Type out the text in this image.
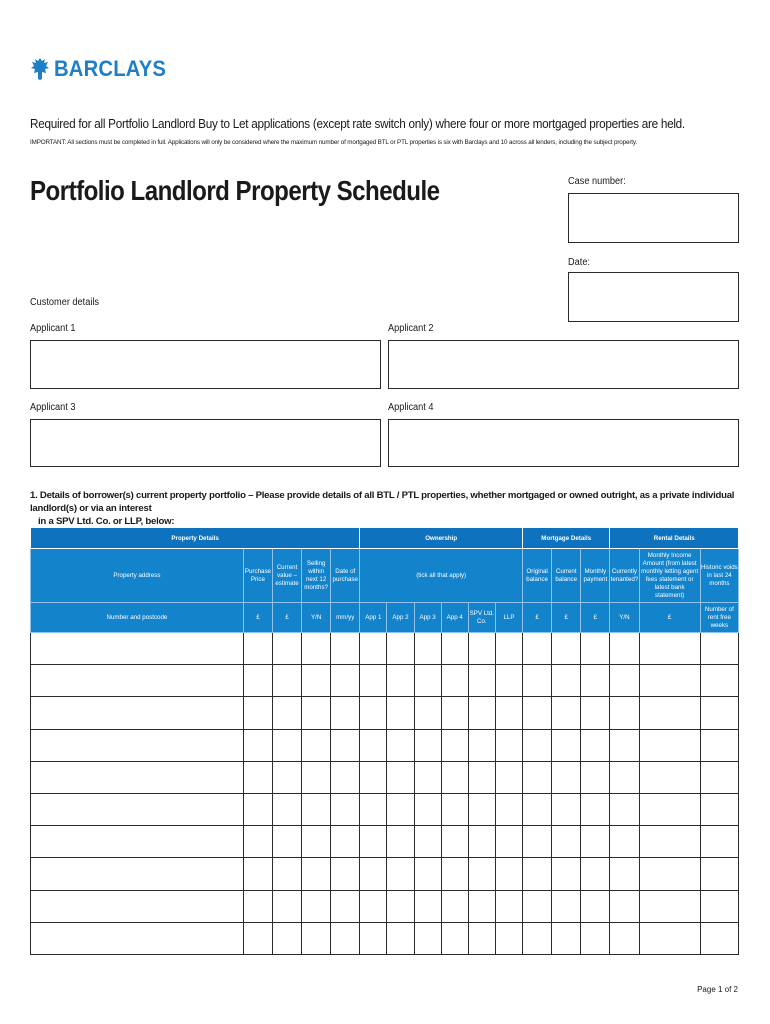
BARCLAYS
Required for all Portfolio Landlord Buy to Let applications (except rate switch only) where four or more mortgaged properties are held.
IMPORTANT: All sections must be completed in full. Applications will only be considered where the maximum number of mortgaged BTL or PTL properties is six with Barclays and 10 across all lenders, including the subject property.
Portfolio Landlord Property Schedule	Case number:
Date:
Customer details
Applicant 1	Applicant 2
Applicant 3	Applicant 4
1. Details of borrower(s) current property portfolio – Please provide details of all BTL / PTL properties, whether mortgaged or owned outright, as a private individual landlord(s) or via an interest
in a SPV Ltd. Co. or LLP, below:
Property Details					Ownership						Mortgage Details			Rental Details		
Property address	Purchase Price	Current value – estimate	Selling within next 12 months?	Date of purchase	(tick all that apply)						Original balance	Current balance	Monthly payment	Currently tenanted?	Monthly Income Amount (from latest monthly letting agent fees statement or latest bank statement)	Historic voids in last 24 months
Number and postcode	£	£	Y/N	mm/yy	App 1	App 2	App 3	App 4	SPV Ltd. Co.	LLP	£	£	£	Y/N	£	Number of rent free weeks

Page 1 of 2
